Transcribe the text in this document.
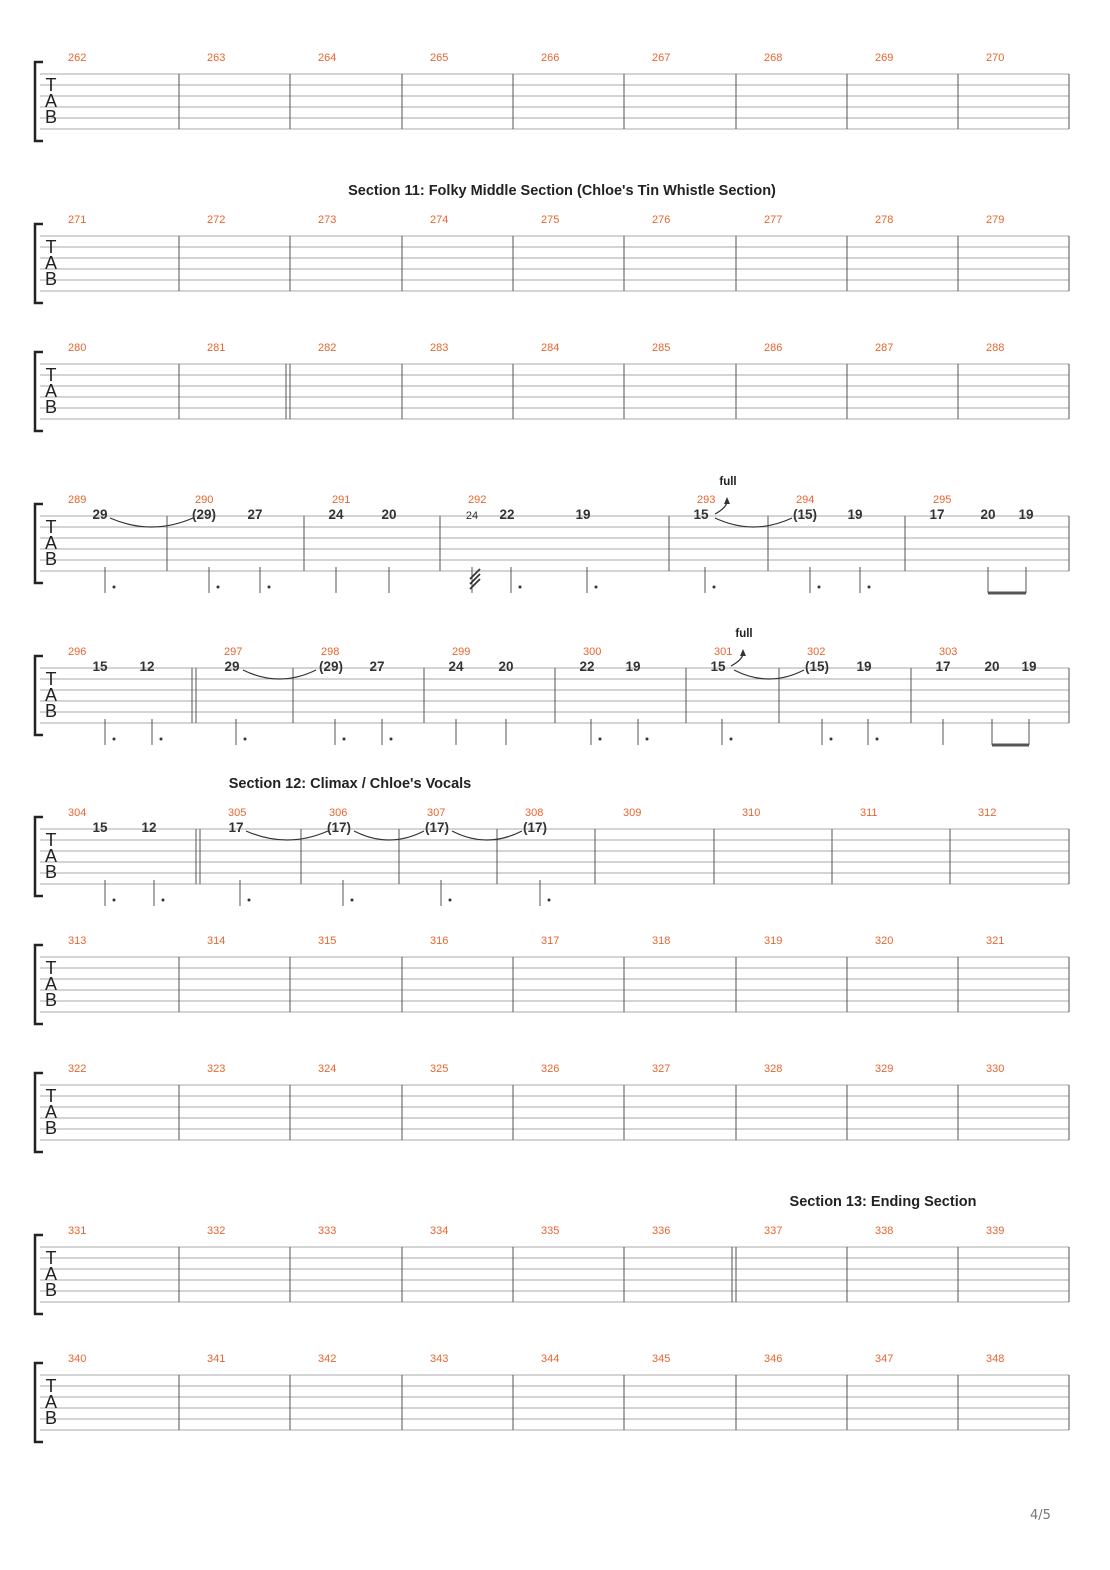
T
A
B
262	263	264	265	266	267	268	269	270
Section 11: Folky Middle Section (Chloe's Tin Whistle Section)
T
A
B
271	272	273	274	275	276	277	278	279
T
A
B
280	281	282	283	284	285	286	287	288
T
A
B
289	290	291	292	293	294	295
29	(29) 27	24	20	24 22	19	15	(15) 19	17	20 19
full
T
A
B
296	297	298	299	300	301	302	303
15 12	29	(29) 27	24	20	22 19	15	(15) 19	17	20 19
full
Section 12: Climax / Chloe's Vocals
T
A
B
304	305	306	307	308	309	310	311	312
15	12	17	(17)	(17)	(17)
T
A
B
313	314	315	316	317	318	319	320	321
T
A
B
322	323	324	325	326	327	328	329	330
Section 13: Ending Section
T
A
B
331	332	333	334	335	336	337	338	339
T
A
B
340	341	342	343	344	345	346	347	348
4/5
